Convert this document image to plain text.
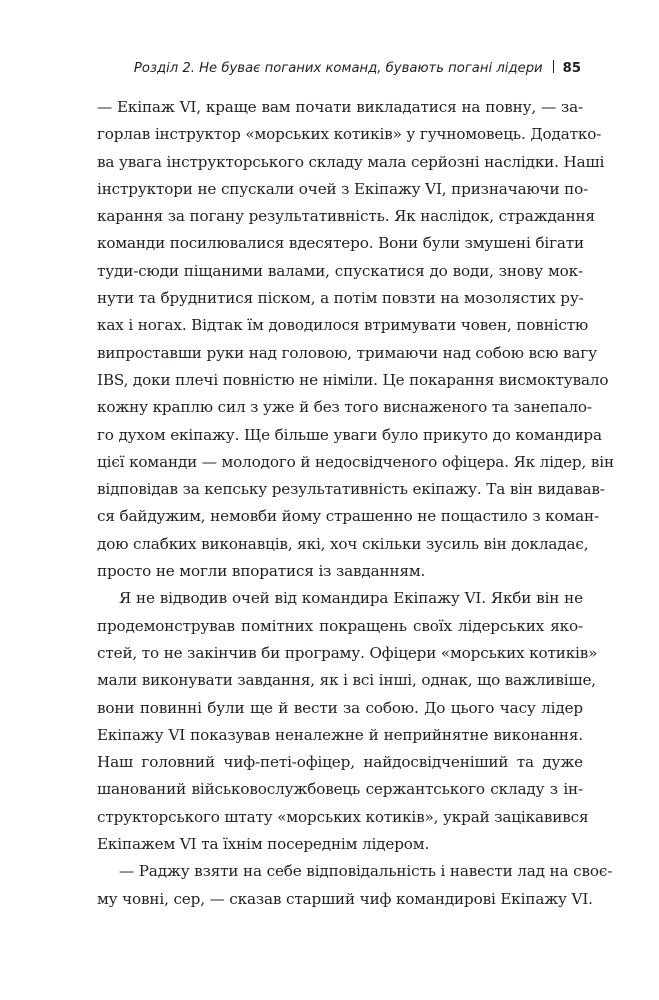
Розділ 2. Не буває поганих команд, бувають погані лідери 85

— Екіпаж VI, краще вам почати викладатися на повну, — за-
горлав інструктор «морських котиків» у гучномовець. Додатко-
ва увага інструкторського складу мала серйозні наслідки. Наші
інструктори не спускали очей з Екіпажу VI, призначаючи по-
карання за погану результативність. Як наслідок, страждання
команди посилювалися вдесятеро. Вони були змушені бігати
туди-сюди піщаними валами, спускатися до води, знову мок-
нути та бруднитися піском, а потім повзти на мозолястих ру-
ках і ногах. Відтак їм доводилося втримувати човен, повністю
випроставши руки над головою, тримаючи над собою всю вагу
IBS, доки плечі повністю не німіли. Це покарання висмоктувало
кожну краплю сил з уже й без того виснаженого та занепало-
го духом екіпажу. Ще більше уваги було прикуто до командира
цієї команди — молодого й недосвідченого офіцера. Як лідер, він
відповідав за кепську результативність екіпажу. Та він видавав-
ся байдужим, немовби йому страшенно не пощастило з коман-
дою слабких виконавців, які, хоч скільки зусиль він докладає,
просто не могли впоратися із завданням.

Я не відводив очей від командира Екіпажу VI. Якби він не
продемонстрував помітних покращень своїх лідерських яко-
стей, то не закінчив би програму. Офіцери «морських котиків»
мали виконувати завдання, як і всі інші, однак, що важливіше,
вони повинні були ще й вести за собою. До цього часу лідер
Екіпажу VI показував неналежне й неприйнятне виконання.
Наш головний чиф-петі-офіцер, найдосвідченіший та дуже
шанований військовослужбовець сержантського складу з ін-
структорського штату «морських котиків», украй зацікавився
Екіпажем VI та їхнім посереднім лідером.

— Раджу взяти на себе відповідальність і навести лад на своє-
му човні, сер, — сказав старший чиф командирові Екіпажу VI.
